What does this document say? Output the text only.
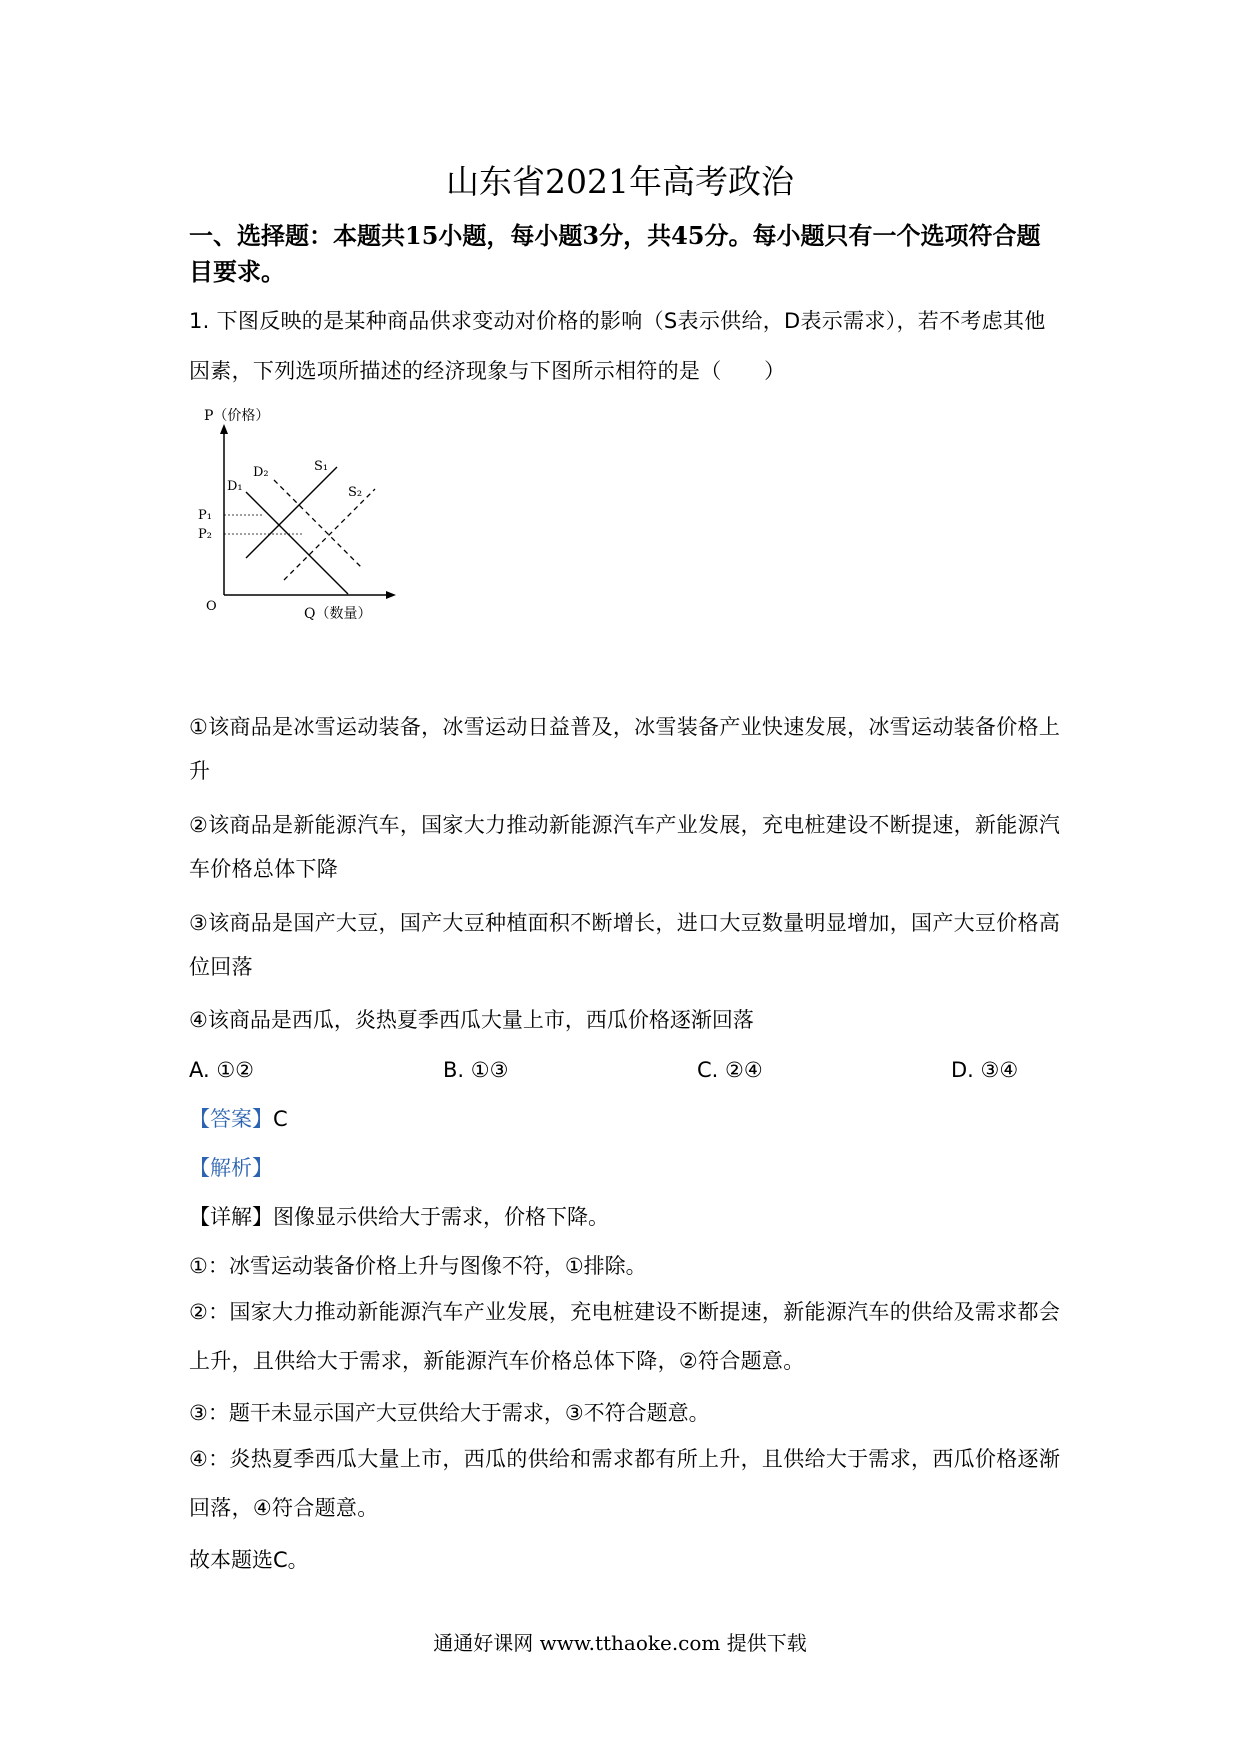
山东省2021年高考政治
一、选择题：本题共15小题，每小题3分，共45分。每小题只有一个选项符合题目要求。
1. 下图反映的是某种商品供求变动对价格的影响（S表示供给，D表示需求），若不考虑其他因素，下列选项所描述的经济现象与下图所示相符的是（　　）
P（价格）
Q（数量）
O
P₁
P₂
D₁
D₂	S₁
S₂
①该商品是冰雪运动装备，冰雪运动日益普及，冰雪装备产业快速发展，冰雪运动装备价格上升
②该商品是新能源汽车，国家大力推动新能源汽车产业发展，充电桩建设不断提速，新能源汽车价格总体下降
③该商品是国产大豆，国产大豆种植面积不断增长，进口大豆数量明显增加，国产大豆价格高位回落
④该商品是西瓜，炎热夏季西瓜大量上市，西瓜价格逐渐回落
A. ①②	B. ①③	C. ②④	D. ③④
【答案】C
【解析】
【详解】图像显示供给大于需求，价格下降。
①：冰雪运动装备价格上升与图像不符，①排除。
②：国家大力推动新能源汽车产业发展，充电桩建设不断提速，新能源汽车的供给及需求都会上升，且供给大于需求，新能源汽车价格总体下降，②符合题意。
③：题干未显示国产大豆供给大于需求，③不符合题意。
④：炎热夏季西瓜大量上市，西瓜的供给和需求都有所上升，且供给大于需求，西瓜价格逐渐回落，④符合题意。
故本题选C。
通通好课网 www.tthaoke.com 提供下载
